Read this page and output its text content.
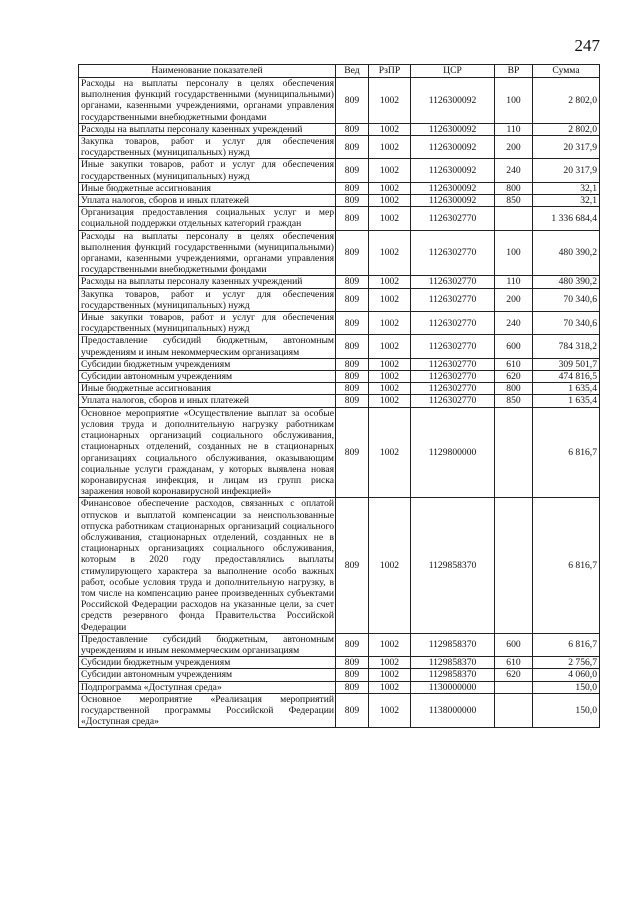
247
Наименование показателей	Вед	РзПР	ЦСР	ВР	Сумма
Расходы на выплаты персоналу в целях обеспечения выполнения функций государственными (муниципальными) органами, казенными учреждениями, органами управления государственными внебюджетными фондами	809	1002	1126300092	100	2 802,0
Расходы на выплаты персоналу казенных учреждений	809	1002	1126300092	110	2 802,0
Закупка товаров, работ и услуг для обеспечения государственных (муниципальных) нужд	809	1002	1126300092	200	20 317,9
Иные закупки товаров, работ и услуг для обеспечения государственных (муниципальных) нужд	809	1002	1126300092	240	20 317,9
Иные бюджетные ассигнования	809	1002	1126300092	800	32,1
Уплата налогов, сборов и иных платежей	809	1002	1126300092	850	32,1
Организация предоставления социальных услуг и мер социальной поддержки отдельных категорий граждан	809	1002	1126302770		1 336 684,4
Расходы на выплаты персоналу в целях обеспечения выполнения функций государственными (муниципальными) органами, казенными учреждениями, органами управления государственными внебюджетными фондами	809	1002	1126302770	100	480 390,2
Расходы на выплаты персоналу казенных учреждений	809	1002	1126302770	110	480 390,2
Закупка товаров, работ и услуг для обеспечения государственных (муниципальных) нужд	809	1002	1126302770	200	70 340,6
Иные закупки товаров, работ и услуг для обеспечения государственных (муниципальных) нужд	809	1002	1126302770	240	70 340,6
Предоставление субсидий бюджетным, автономным учреждениям и иным некоммерческим организациям	809	1002	1126302770	600	784 318,2
Субсидии бюджетным учреждениям	809	1002	1126302770	610	309 501,7
Субсидии автономным учреждениям	809	1002	1126302770	620	474 816,5
Иные бюджетные ассигнования	809	1002	1126302770	800	1 635,4
Уплата налогов, сборов и иных платежей	809	1002	1126302770	850	1 635,4
Основное мероприятие «Осуществление выплат за особые условия труда и дополнительную нагрузку работникам стационарных организаций социального обслуживания, стационарных отделений, созданных не в стационарных организациях социального обслуживания, оказывающим социальные услуги гражданам, у которых выявлена новая коронавирусная инфекция, и лицам из групп риска заражения новой коронавирусной инфекцией»	809	1002	1129800000		6 816,7
Финансовое обеспечение расходов, связанных с оплатой отпусков и выплатой компенсации за неиспользованные отпуска работникам стационарных организаций социального обслуживания, стационарных отделений, созданных не в стационарных организациях социального обслуживания, которым в 2020 году предоставлялись выплаты стимулирующего характера за выполнение особо важных работ, особые условия труда и дополнительную нагрузку, в том числе на компенсацию ранее произведенных субъектами Российской Федерации расходов на указанные цели, за счет средств резервного фонда Правительства Российской Федерации	809	1002	1129858370		6 816,7
Предоставление субсидий бюджетным, автономным учреждениям и иным некоммерческим организациям	809	1002	1129858370	600	6 816,7
Субсидии бюджетным учреждениям	809	1002	1129858370	610	2 756,7
Субсидии автономным учреждениям	809	1002	1129858370	620	4 060,0
Подпрограмма «Доступная среда»	809	1002	1130000000		150,0
Основное мероприятие «Реализация мероприятий государственной программы Российской Федерации «Доступная среда»	809	1002	1138000000		150,0
